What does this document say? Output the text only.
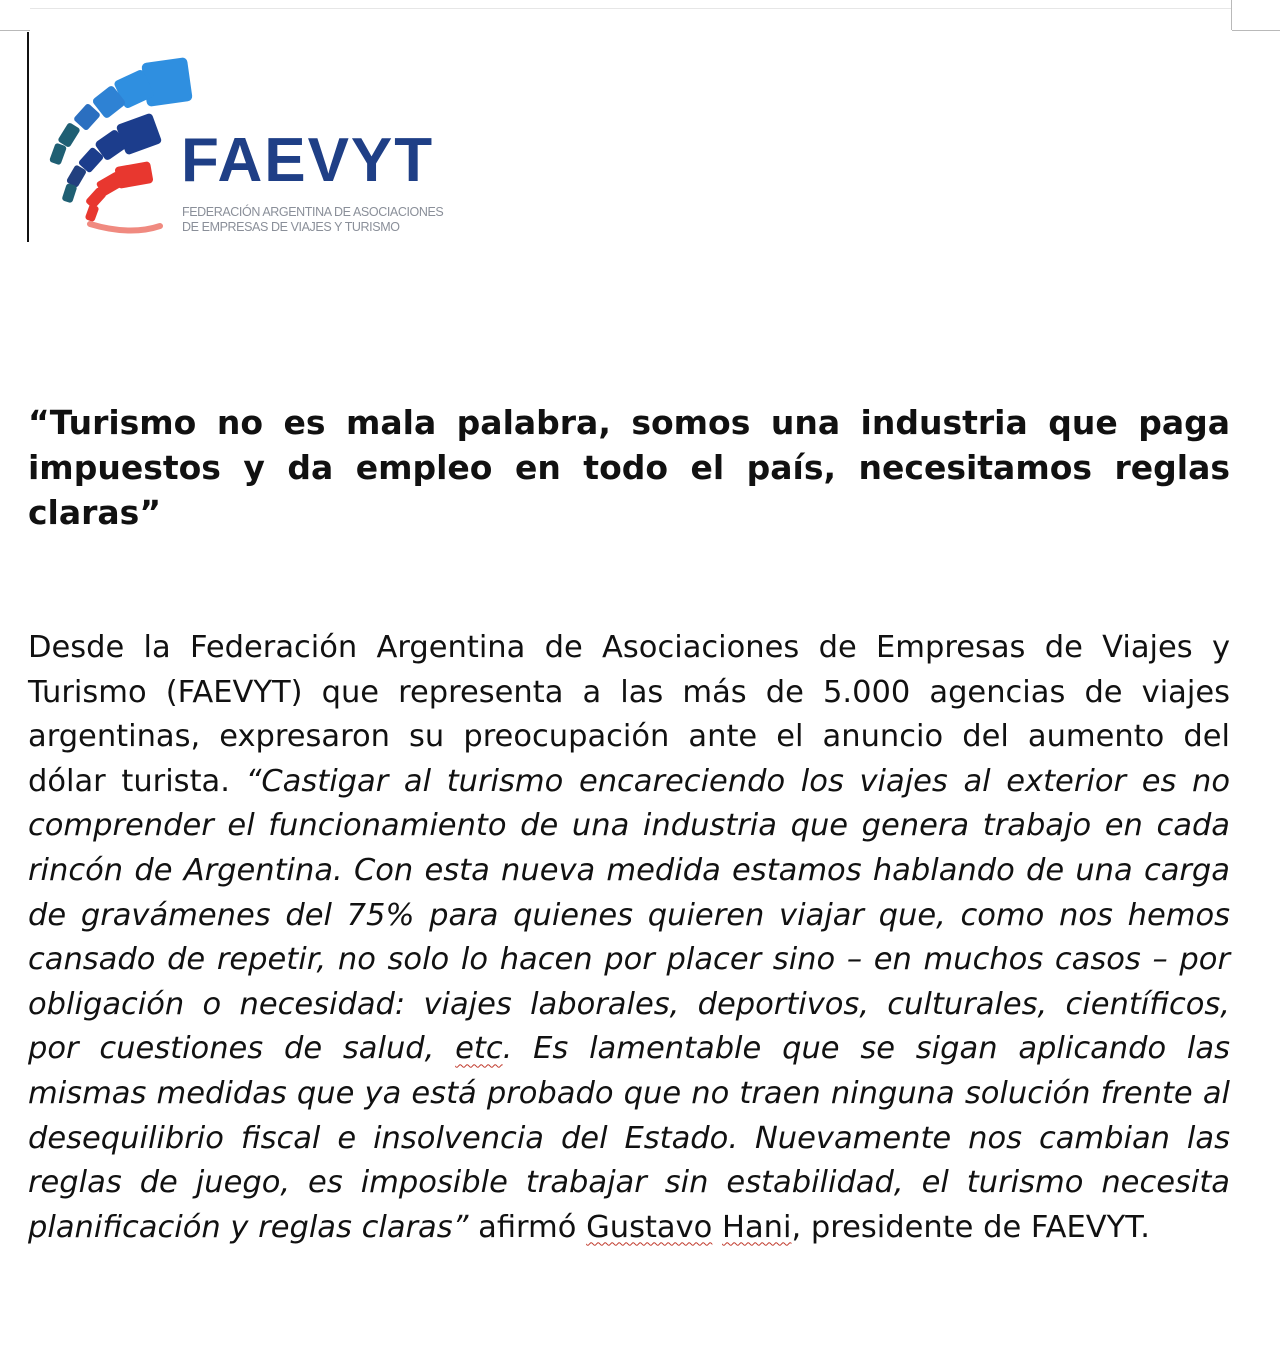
FAEVYT
FEDERACIÓN ARGENTINA DE ASOCIACIONES
DE EMPRESAS DE VIAJES Y TURISMO

“Turismo no es mala palabra, somos una industria que paga impuestos y da empleo en todo el país, necesitamos reglas claras”

Desde la Federación Argentina de Asociaciones de Empresas de Viajes y Turismo (FAEVYT) que representa a las más de 5.000 agencias de viajes argentinas, expresaron su preocupación ante el anuncio del aumento del dólar turista. “Castigar al turismo encareciendo los viajes al exterior es no comprender el funcionamiento de una industria que genera trabajo en cada rincón de Argentina. Con esta nueva medida estamos hablando de una carga de gravámenes del 75% para quienes quieren viajar que, como nos hemos cansado de repetir, no solo lo hacen por placer sino – en muchos casos – por obligación o necesidad: viajes laborales, deportivos, culturales, científicos, por cuestiones de salud, etc. Es lamentable que se sigan aplicando las mismas medidas que ya está probado que no traen ninguna solución frente al desequilibrio fiscal e insolvencia del Estado. Nuevamente nos cambian las reglas de juego, es imposible trabajar sin estabilidad, el turismo necesita planificación y reglas claras” afirmó Gustavo Hani, presidente de FAEVYT.
